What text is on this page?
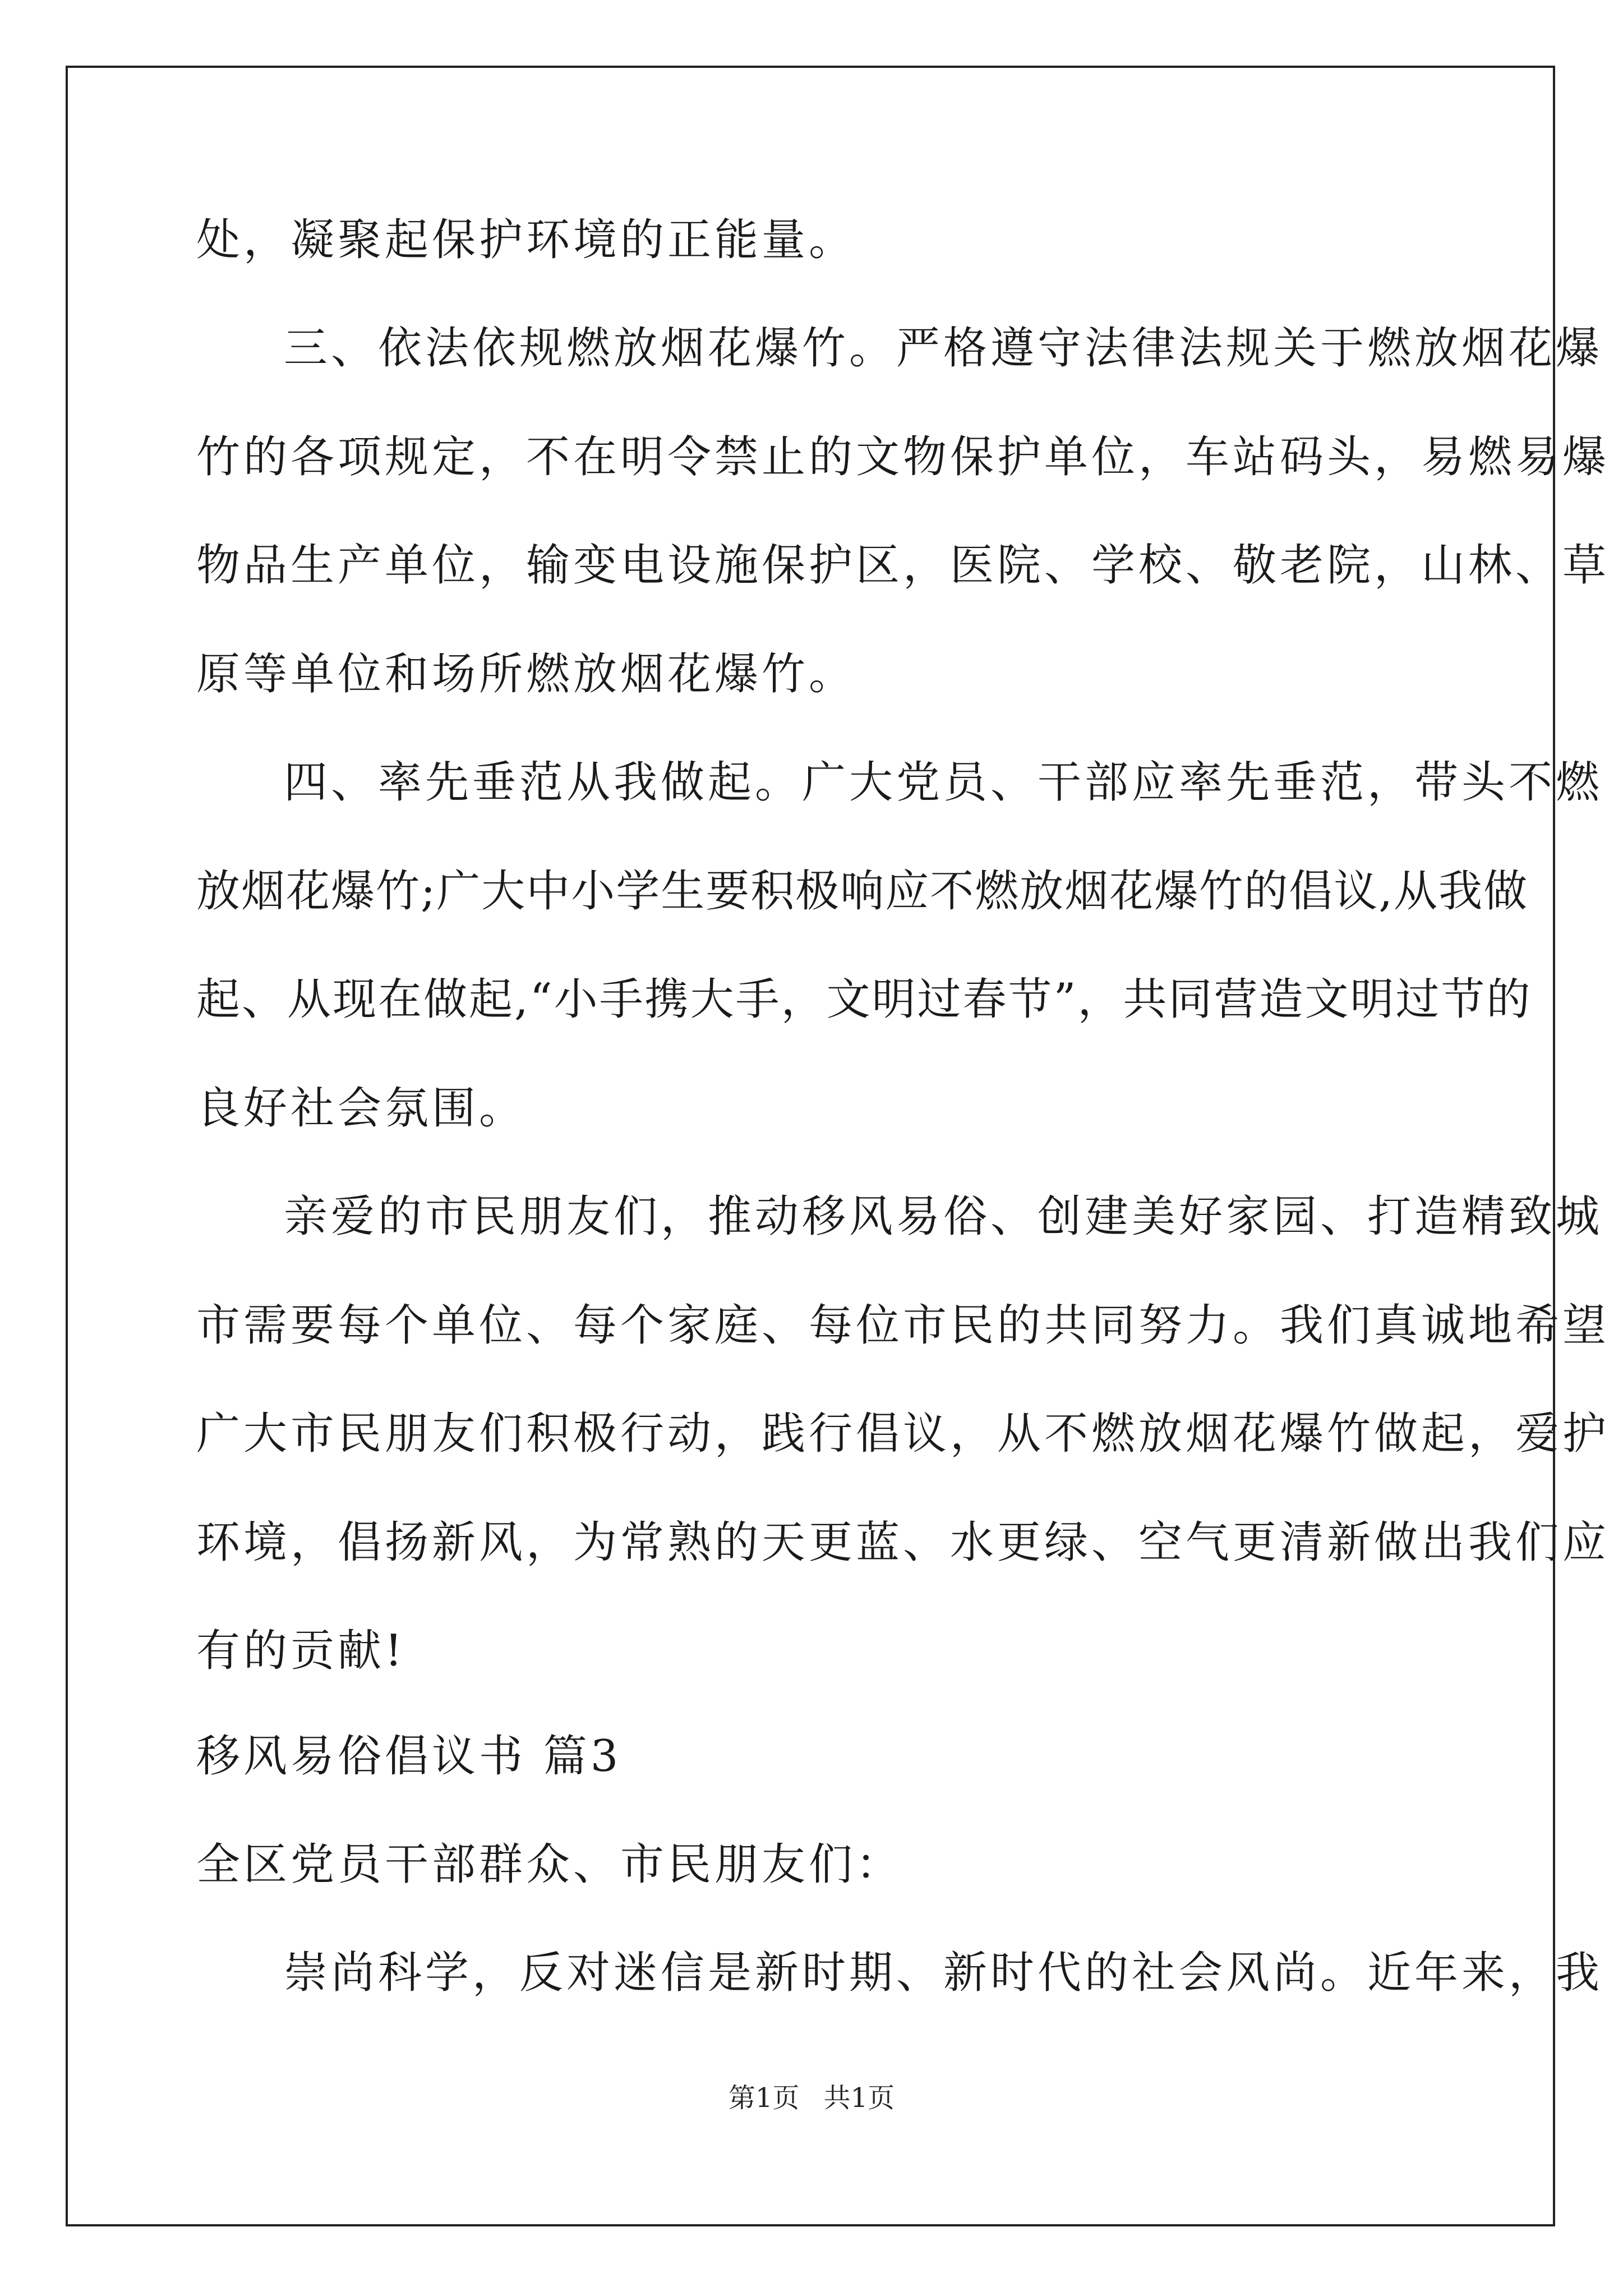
处，凝聚起保护环境的正能量。
三、依法依规燃放烟花爆竹。严格遵守法律法规关于燃放烟花爆
竹的各项规定，不在明令禁止的文物保护单位，车站码头，易燃易爆
物品生产单位，输变电设施保护区，医院、学校、敬老院，山林、草
原等单位和场所燃放烟花爆竹。
四、率先垂范从我做起。广大党员、干部应率先垂范，带头不燃
放烟花爆竹;广大中小学生要积极响应不燃放烟花爆竹的倡议,从我做
起、从现在做起,“小手携大手，文明过春节”，共同营造文明过节的
良好社会氛围。
亲爱的市民朋友们，推动移风易俗、创建美好家园、打造精致城
市需要每个单位、每个家庭、每位市民的共同努力。我们真诚地希望
广大市民朋友们积极行动，践行倡议，从不燃放烟花爆竹做起，爱护
环境，倡扬新风，为常熟的天更蓝、水更绿、空气更清新做出我们应
有的贡献!
移风易俗倡议书 篇3
全区党员干部群众、市民朋友们：
崇尚科学，反对迷信是新时期、新时代的社会风尚。近年来，我
第1页 共1页
